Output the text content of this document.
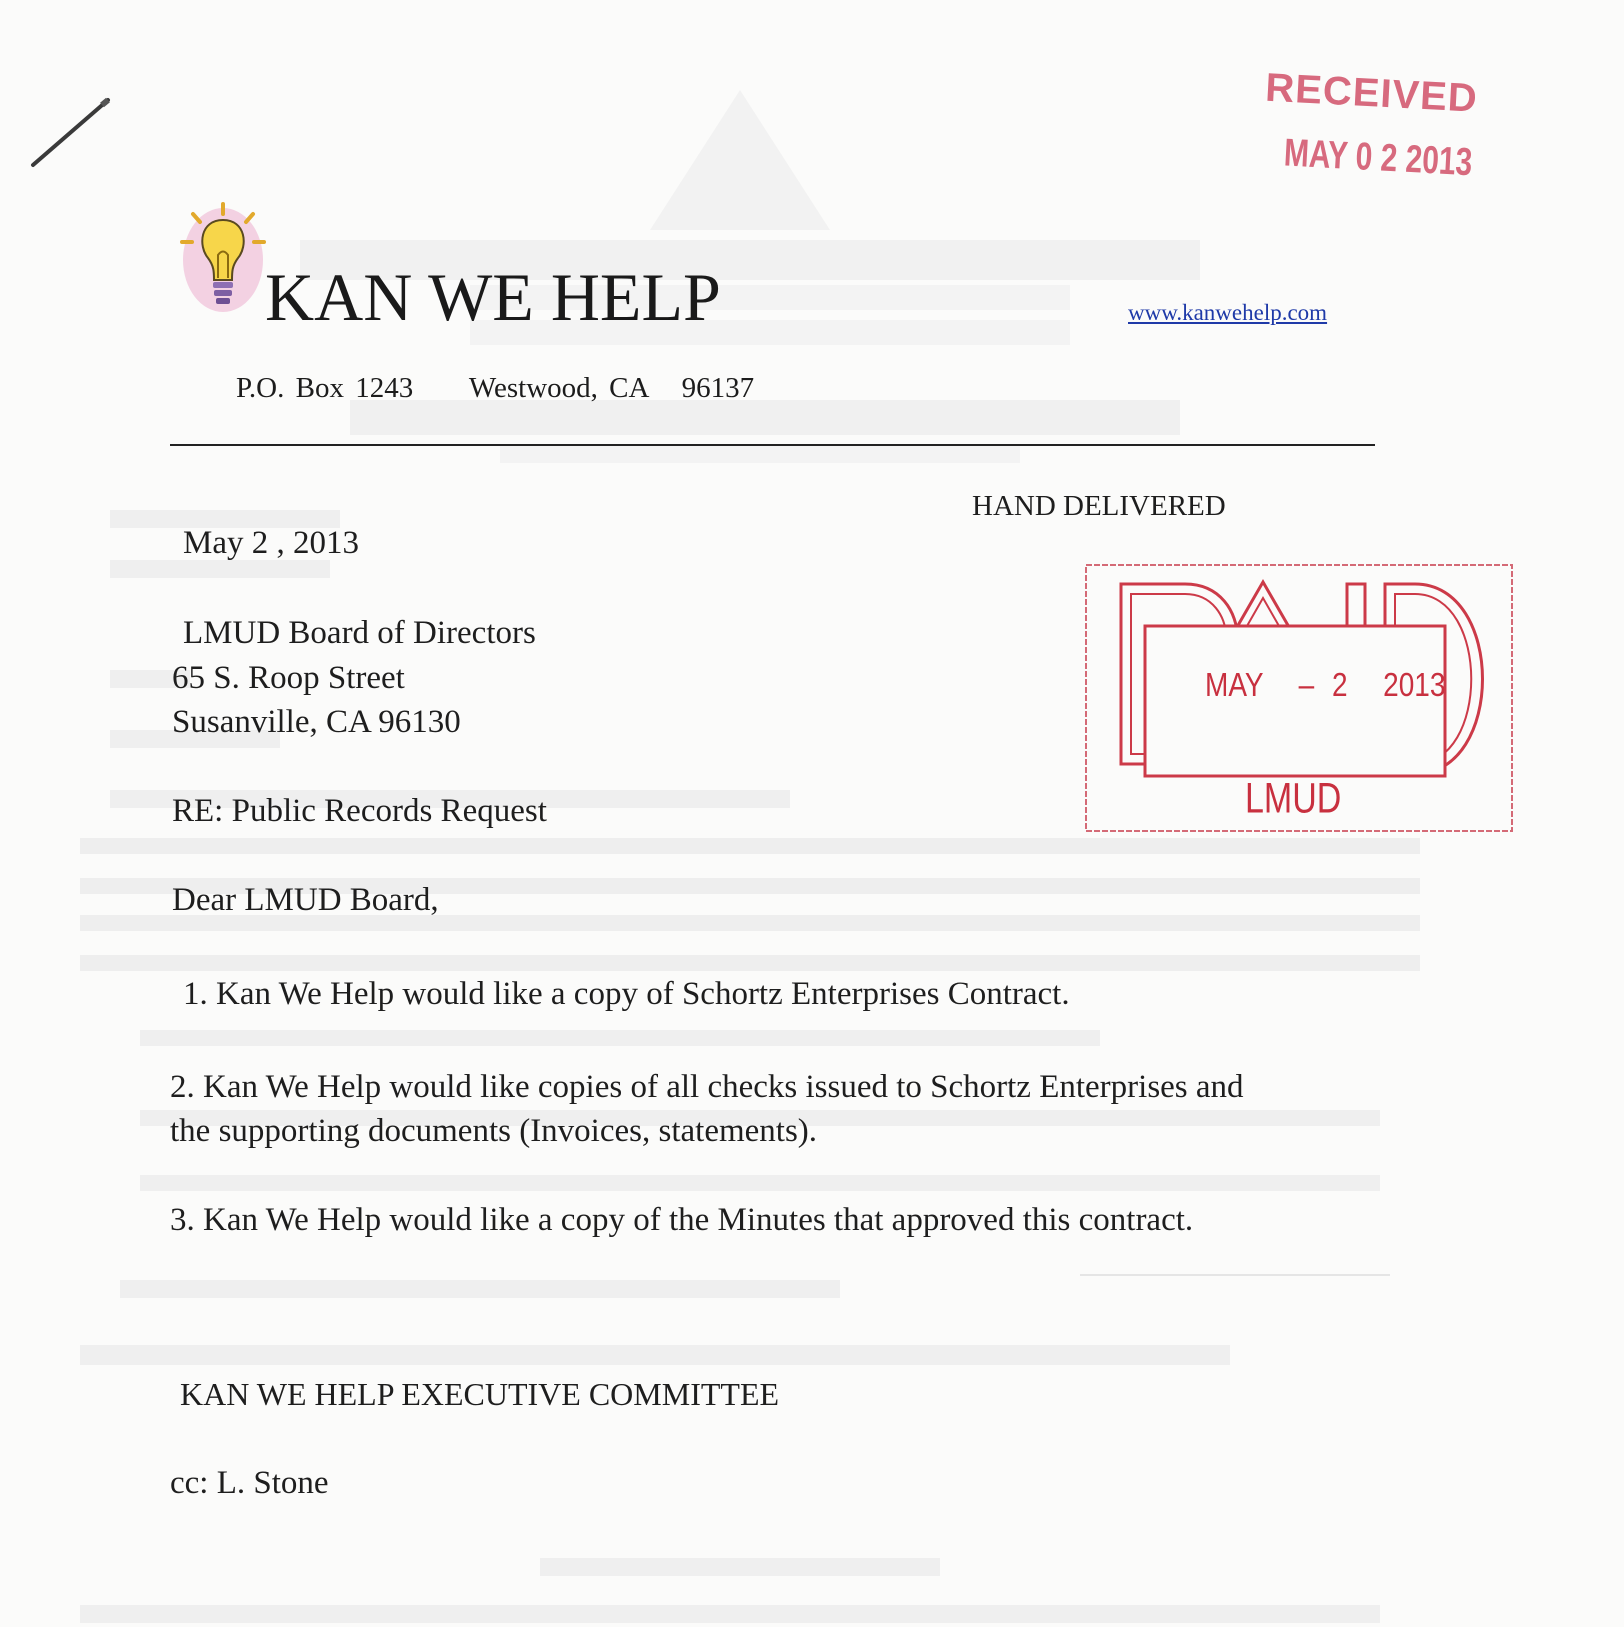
KAN WE HELP	www.kanwehelp.com
P.O. Box 1243     Westwood, CA   96137
RECEIVED
MAY 0 2 2013
MAY  – 2  2013
LMUD
HAND DELIVERED
May 2 , 2013
LMUD Board of Directors
65 S. Roop Street
Susanville, CA 96130
RE: Public Records Request
Dear LMUD Board,
1. Kan We Help would like a copy of Schortz Enterprises Contract.
2. Kan We Help would like copies of all checks issued to Schortz Enterprises and the supporting documents (Invoices, statements).
3. Kan We Help would like a copy of the Minutes that approved this contract.
KAN WE HELP EXECUTIVE COMMITTEE
cc: L. Stone
